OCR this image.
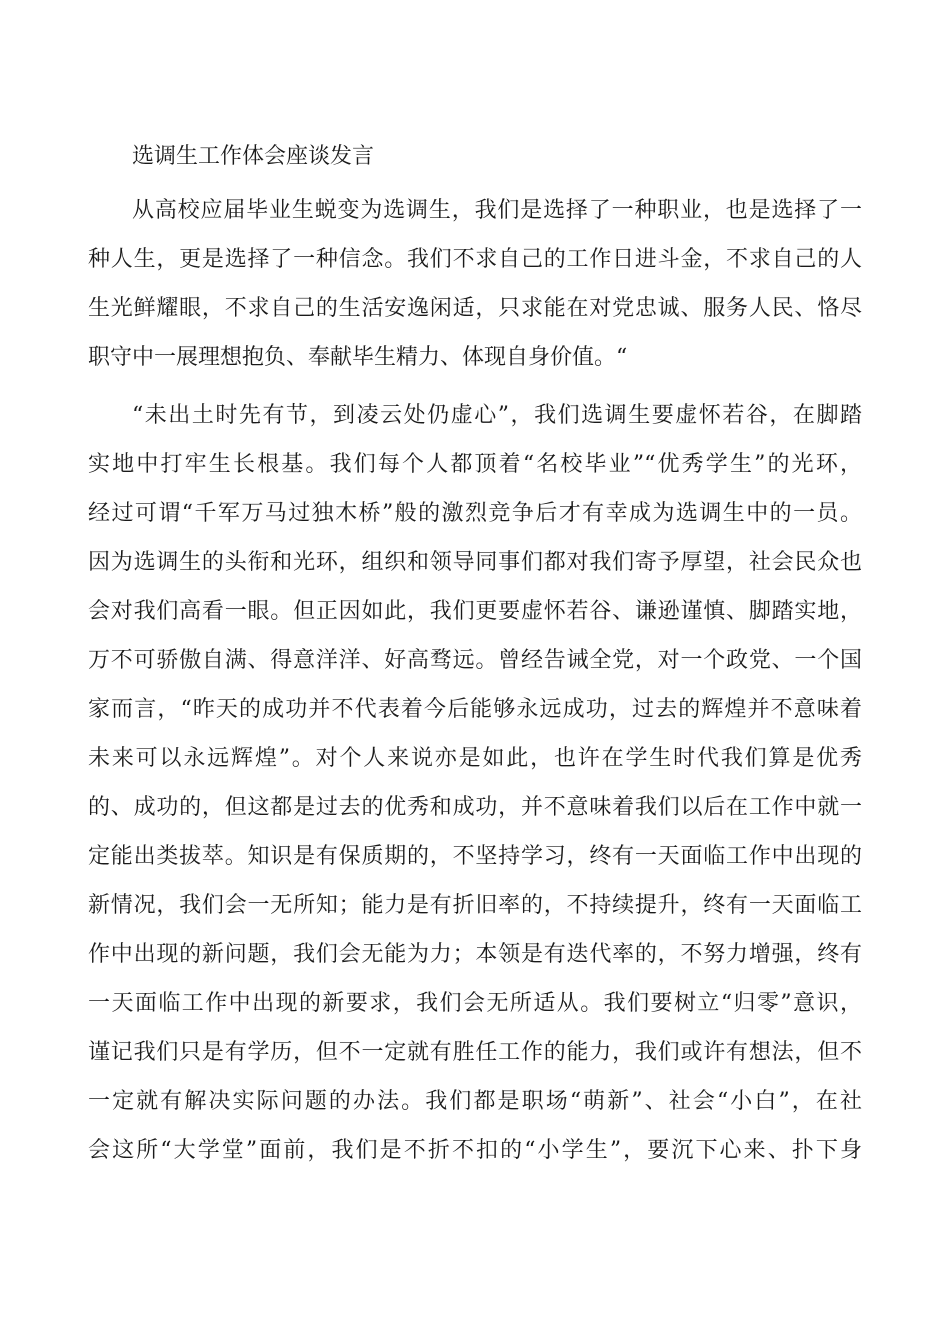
选调生工作体会座谈发言
从高校应届毕业生蜕变为选调生，我们是选择了一种职业，也是选择了一
种人生，更是选择了一种信念。我们不求自己的工作日进斗金，不求自己的人
生光鲜耀眼，不求自己的生活安逸闲适，只求能在对党忠诚、服务人民、恪尽
职守中一展理想抱负、奉献毕生精力、体现自身价值。“
“未出土时先有节，到凌云处仍虚心”，我们选调生要虚怀若谷，在脚踏
实地中打牢生长根基。我们每个人都顶着“名校毕业”“优秀学生”的光环，
经过可谓“千军万马过独木桥”般的激烈竞争后才有幸成为选调生中的一员。
因为选调生的头衔和光环，组织和领导同事们都对我们寄予厚望，社会民众也
会对我们高看一眼。但正因如此，我们更要虚怀若谷、谦逊谨慎、脚踏实地，
万不可骄傲自满、得意洋洋、好高骛远。曾经告诫全党，对一个政党、一个国
家而言，“昨天的成功并不代表着今后能够永远成功，过去的辉煌并不意味着
未来可以永远辉煌”。对个人来说亦是如此，也许在学生时代我们算是优秀
的、成功的，但这都是过去的优秀和成功，并不意味着我们以后在工作中就一
定能出类拔萃。知识是有保质期的，不坚持学习，终有一天面临工作中出现的
新情况，我们会一无所知；能力是有折旧率的，不持续提升，终有一天面临工
作中出现的新问题，我们会无能为力；本领是有迭代率的，不努力增强，终有
一天面临工作中出现的新要求，我们会无所适从。我们要树立“归零”意识，
谨记我们只是有学历，但不一定就有胜任工作的能力，我们或许有想法，但不
一定就有解决实际问题的办法。我们都是职场“萌新”、社会“小白”，在社
会这所“大学堂”面前，我们是不折不扣的“小学生”，要沉下心来、扑下身
